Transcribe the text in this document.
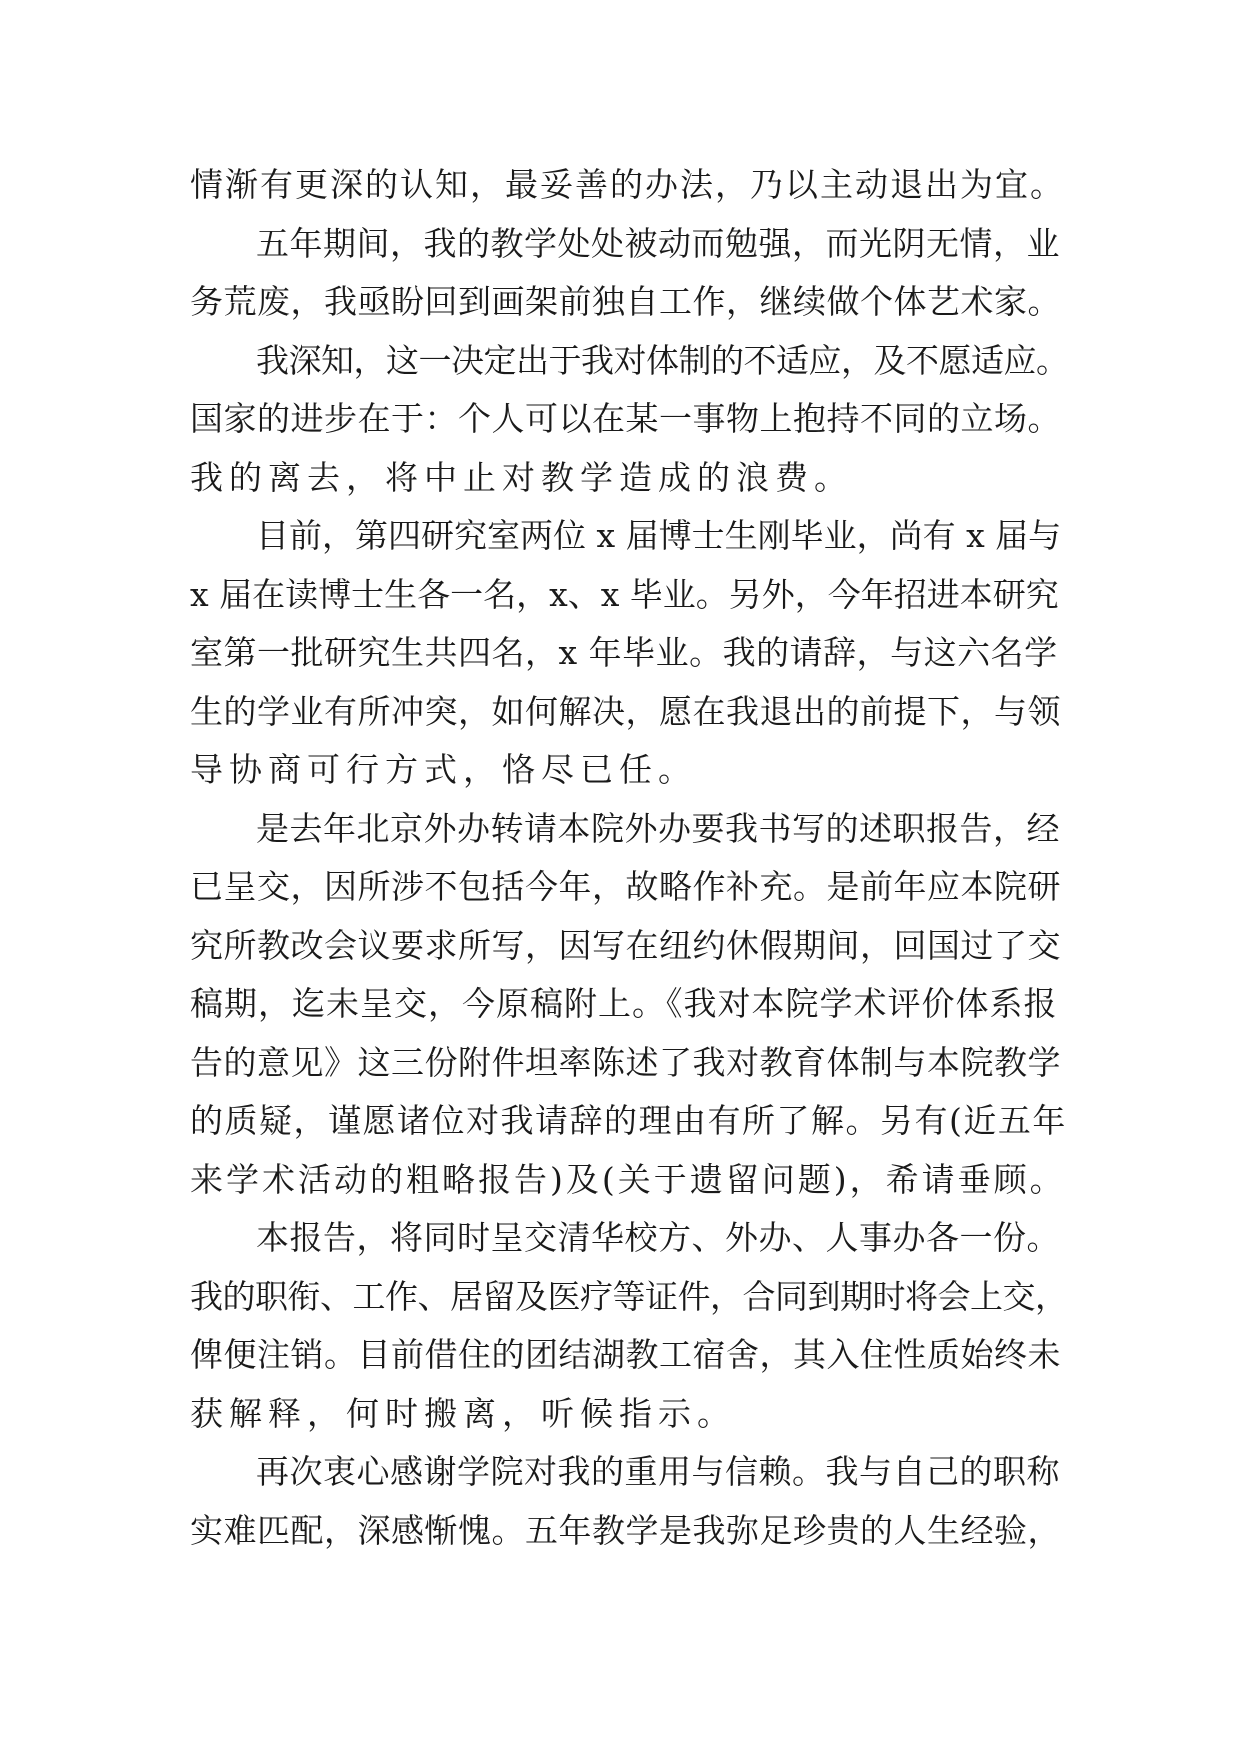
情渐有更深的认知，最妥善的办法，乃以主动退出为宜。
五年期间，我的教学处处被动而勉强，而光阴无情，业
务荒废，我亟盼回到画架前独自工作，继续做个体艺术家。
我深知，这一决定出于我对体制的不适应，及不愿适应。
国家的进步在于：个人可以在某一事物上抱持不同的立场。
我的离去，将中止对教学造成的浪费。
目前，第四研究室两位 x 届博士生刚毕业，尚有 x 届与
x 届在读博士生各一名，x、x 毕业。另外，今年招进本研究
室第一批研究生共四名，x 年毕业。我的请辞，与这六名学
生的学业有所冲突，如何解决，愿在我退出的前提下，与领
导协商可行方式，恪尽已任。
是去年北京外办转请本院外办要我书写的述职报告，经
已呈交，因所涉不包括今年，故略作补充。是前年应本院研
究所教改会议要求所写，因写在纽约休假期间，回国过了交
稿期，迄未呈交，今原稿附上。《我对本院学术评价体系报
告的意见》这三份附件坦率陈述了我对教育体制与本院教学
的质疑，谨愿诸位对我请辞的理由有所了解。另有(近五年
来学术活动的粗略报告)及(关于遗留问题)，希请垂顾。
本报告，将同时呈交清华校方、外办、人事办各一份。
我的职衔、工作、居留及医疗等证件，合同到期时将会上交，
俾便注销。目前借住的团结湖教工宿舍，其入住性质始终未
获解释，何时搬离，听候指示。
再次衷心感谢学院对我的重用与信赖。我与自己的职称
实难匹配，深感惭愧。五年教学是我弥足珍贵的人生经验，
